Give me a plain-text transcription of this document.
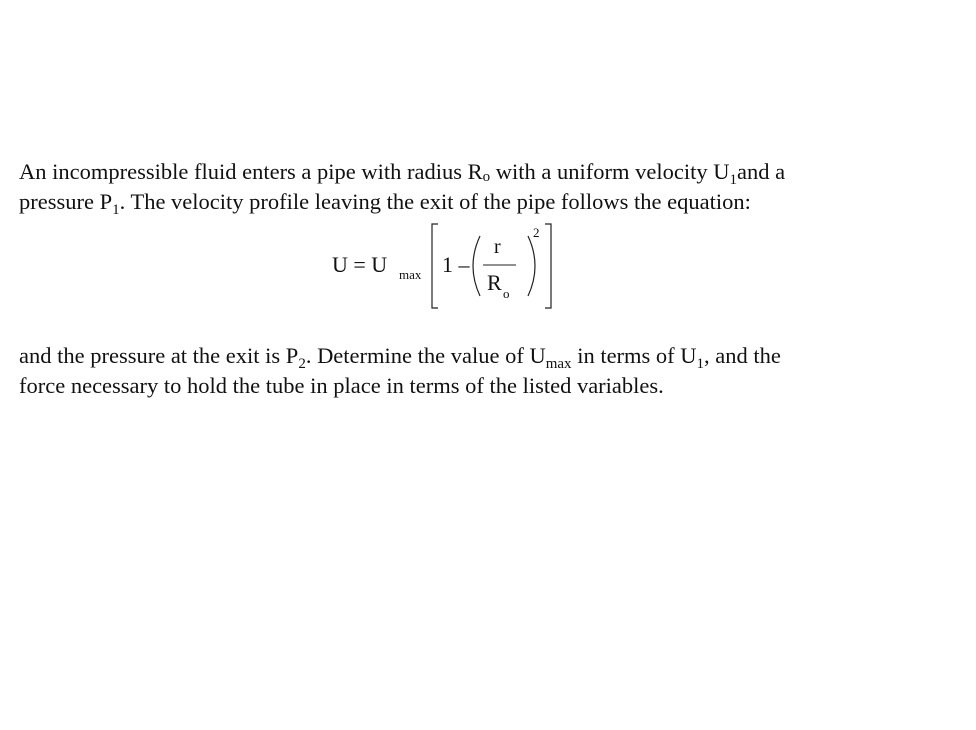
An incompressible fluid enters a pipe with radius Ro with a uniform velocity $U_1and$ a
pressure $P_1$. The velocity profile leaving the exit of the pipe follows the equation:
U = U max 1 –
r
R o
2
and the pressure at the exit is $P_2$. Determine the value of $U_{max}$ in terms of $U_1$, and the
force necessary to hold the tube in place in terms of the listed variables.
